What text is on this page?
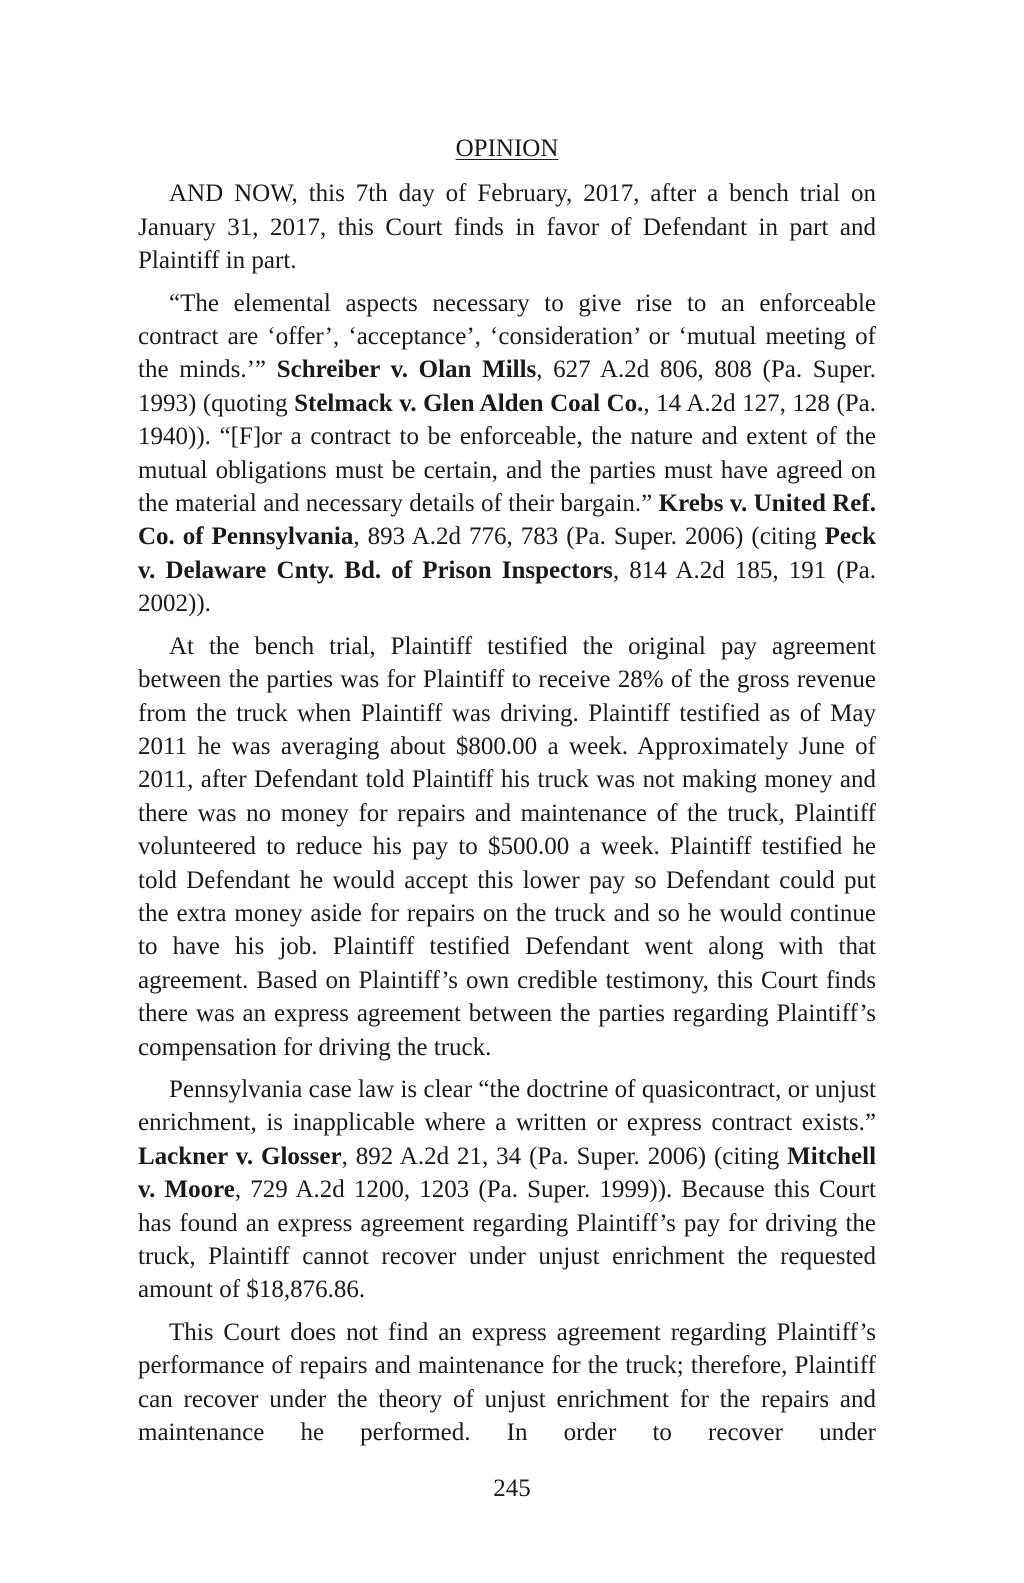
OPINION

AND NOW, this 7th day of February, 2017, after a bench trial on January 31, 2017, this Court finds in favor of Defendant in part and Plaintiff in part.

“The elemental aspects necessary to give rise to an enforceable contract are ‘offer’, ‘acceptance’, ‘consideration’ or ‘mutual meeting of the minds.’” Schreiber v. Olan Mills, 627 A.2d 806, 808 (Pa. Super. 1993) (quoting Stelmack v. Glen Alden Coal Co., 14 A.2d 127, 128 (Pa. 1940)). “[F]or a contract to be enforceable, the nature and extent of the mutual obligations must be certain, and the parties must have agreed on the material and necessary details of their bargain.” Krebs v. United Ref. Co. of Pennsylvania, 893 A.2d 776, 783 (Pa. Super. 2006) (citing Peck v. Delaware Cnty. Bd. of Prison Inspectors, 814 A.2d 185, 191 (Pa. 2002)).

At the bench trial, Plaintiff testified the original pay agreement between the parties was for Plaintiff to receive 28% of the gross revenue from the truck when Plaintiff was driving. Plaintiff testified as of May 2011 he was averaging about $800.00 a week. Approximately June of 2011, after Defendant told Plaintiff his truck was not making money and there was no money for repairs and maintenance of the truck, Plaintiff volunteered to reduce his pay to $500.00 a week. Plaintiff testified he told Defendant he would accept this lower pay so Defendant could put the extra money aside for repairs on the truck and so he would continue to have his job. Plaintiff testified Defendant went along with that agreement. Based on Plaintiff’s own credible testimony, this Court finds there was an express agreement between the parties regarding Plaintiff’s compensation for driving the truck.

Pennsylvania case law is clear “the doctrine of quasicontract, or unjust enrichment, is inapplicable where a written or express contract exists.” Lackner v. Glosser, 892 A.2d 21, 34 (Pa. Super. 2006) (citing Mitchell v. Moore, 729 A.2d 1200, 1203 (Pa. Super. 1999)). Because this Court has found an express agreement regarding Plaintiff’s pay for driving the truck, Plaintiff cannot recover under unjust enrichment the requested amount of $18,876.86.

This Court does not find an express agreement regarding Plaintiff’s performance of repairs and maintenance for the truck; therefore, Plaintiff can recover under the theory of unjust enrichment for the repairs and maintenance he performed. In order to recover under

245
